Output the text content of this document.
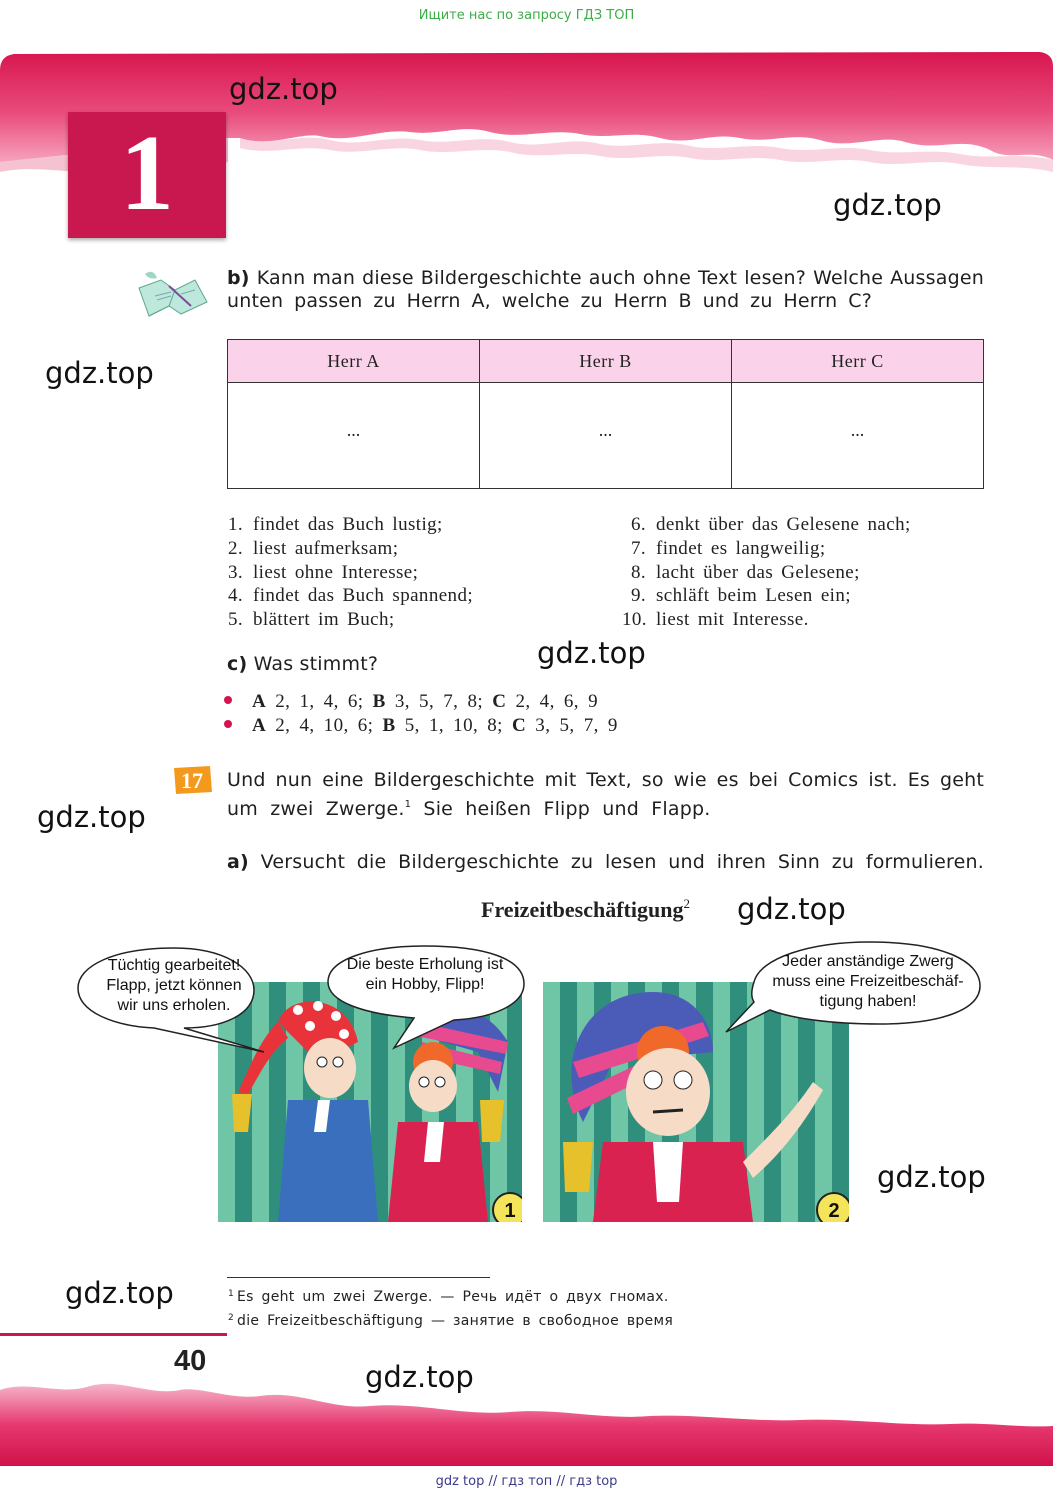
Ищите нас по запросу ГДЗ ТОП
1
gdz.top
gdz.top
gdz.top
gdz.top
gdz.top
gdz.top
gdz.top
gdz.top
gdz.top
b) Kann man diese Bildergeschichte auch ohne Text lesen? Welche Aussagen
unten passen zu Herrn A, welche zu Herrn B und zu Herrn C?
Herr A	Herr B	Herr C
...	...	...
1. findet das Buch lustig;
2. liest aufmerksam;
3. liest ohne Interesse;
4. findet das Buch spannend;
5. blättert im Buch;
6. denkt über das Gelesene nach;
7. findet es langweilig;
8. lacht über das Gelesene;
9. schläft beim Lesen ein;
10. liest mit Interesse.
c) Was stimmt?
A 2, 1, 4, 6; B 3, 5, 7, 8; C 2, 4, 6, 9
A 2, 4, 10, 6; B 5, 1, 10, 8; C 3, 5, 7, 9
17 Und nun eine Bildergeschichte mit Text, so wie es bei Comics ist. Es geht
um zwei Zwerge.$^1$ Sie heißen Flipp und Flapp.
a) Versucht die Bildergeschichte zu lesen und ihren Sinn zu formulieren.
Freizeitbeschäftigung$^2$
1	2
Tüchtig gearbeitet!
Flapp, jetzt können
wir uns erholen.
Die beste Erholung ist
ein Hobby, Flipp!
Jeder anständige Zwerg
muss eine Freizeitbeschäf-
tigung haben!
$^1$ Es geht um zwei Zwerge. — Речь идёт о двух гномах.
$^2$ die Freizeitbeschäftigung — занятие в свободное время
40
gdz top // гдз топ // гдз top
